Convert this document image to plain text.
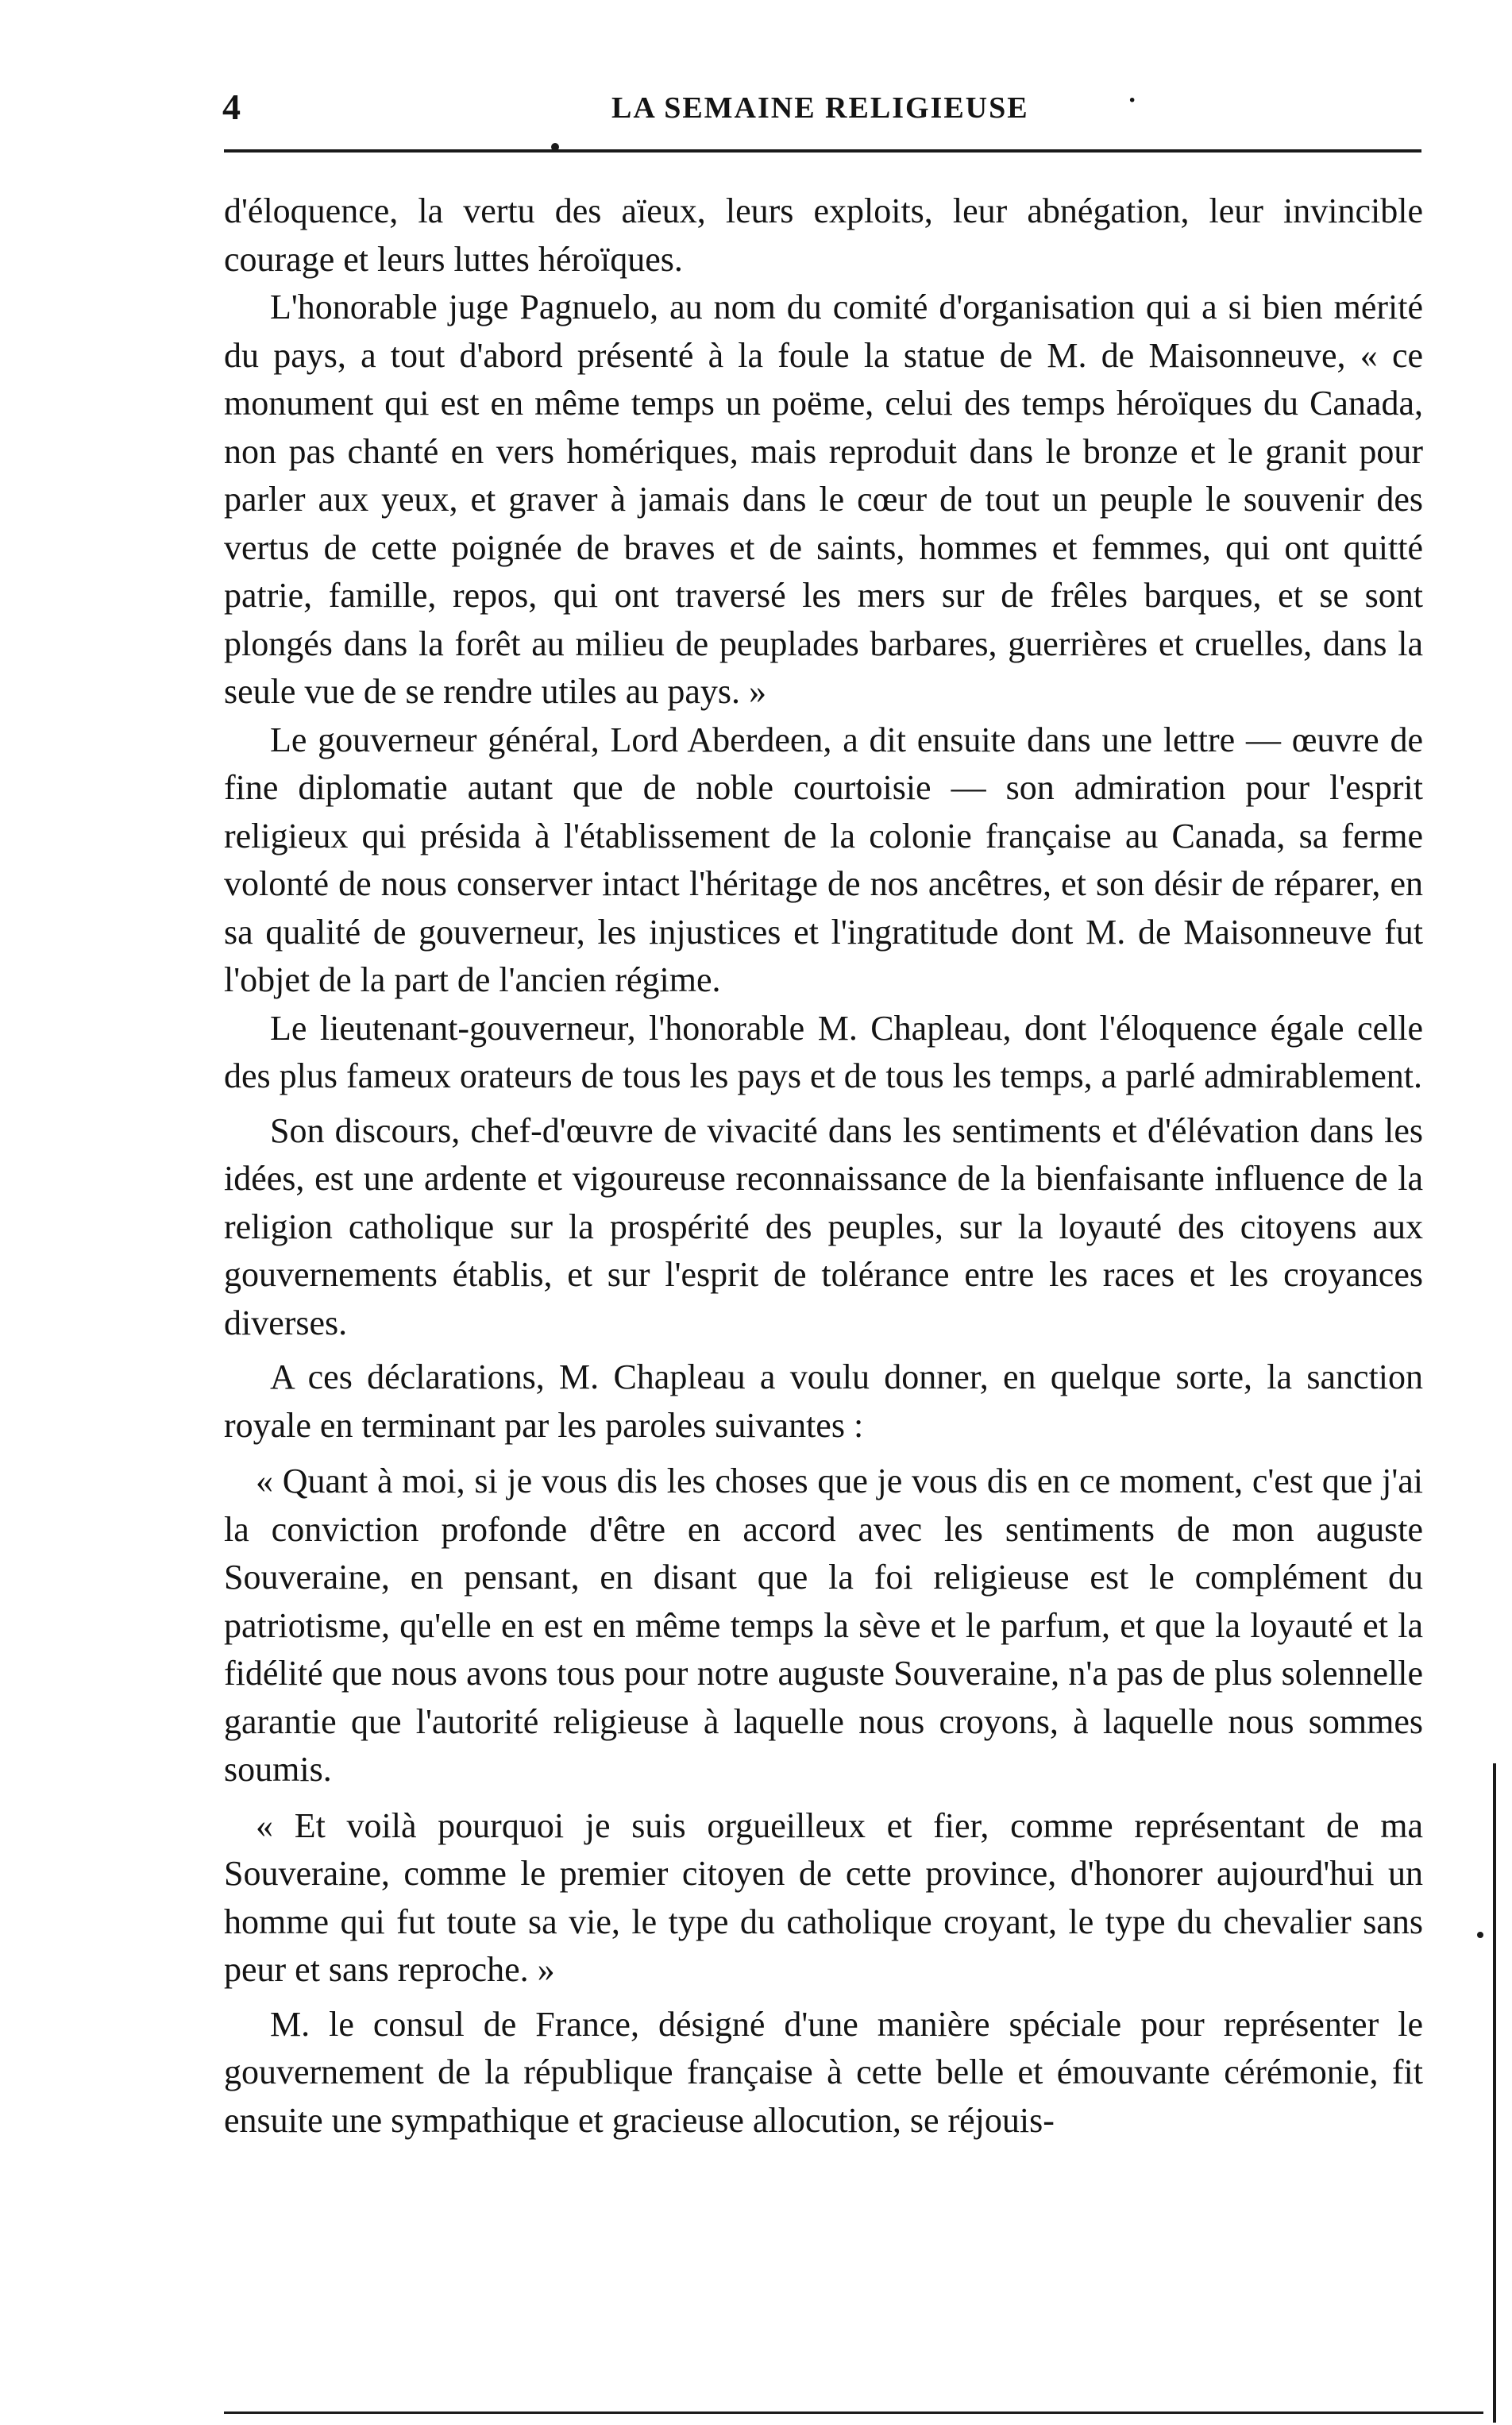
4	LA SEMAINE RELIGIEUSE	·

d'éloquence, la vertu des aïeux, leurs exploits, leur abnégation, leur invincible courage et leurs luttes héroïques.

L'honorable juge Pagnuelo, au nom du comité d'organisation qui a si bien mérité du pays, a tout d'abord présenté à la foule la statue de M. de Maisonneuve, « ce monument qui est en même temps un poëme, celui des temps héroïques du Canada, non pas chanté en vers homériques, mais reproduit dans le bronze et le granit pour parler aux yeux, et graver à jamais dans le cœur de tout un peuple le souvenir des vertus de cette poignée de braves et de saints, hommes et femmes, qui ont quitté patrie, famille, repos, qui ont traversé les mers sur de frêles barques, et se sont plongés dans la forêt au milieu de peuplades barbares, guerrières et cruelles, dans la seule vue de se rendre utiles au pays. »

Le gouverneur général, Lord Aberdeen, a dit ensuite dans une lettre — œuvre de fine diplomatie autant que de noble courtoisie — son admiration pour l'esprit religieux qui présida à l'établissement de la colonie française au Canada, sa ferme volonté de nous conserver intact l'héritage de nos ancêtres, et son désir de réparer, en sa qualité de gouverneur, les injustices et l'ingratitude dont M. de Maisonneuve fut l'objet de la part de l'ancien régime.

Le lieutenant-gouverneur, l'honorable M. Chapleau, dont l'éloquence égale celle des plus fameux orateurs de tous les pays et de tous les temps, a parlé admirablement.

Son discours, chef-d'œuvre de vivacité dans les sentiments et d'élévation dans les idées, est une ardente et vigoureuse reconnaissance de la bienfaisante influence de la religion catholique sur la prospérité des peuples, sur la loyauté des citoyens aux gouvernements établis, et sur l'esprit de tolérance entre les races et les croyances diverses.

A ces déclarations, M. Chapleau a voulu donner, en quelque sorte, la sanction royale en terminant par les paroles suivantes :

« Quant à moi, si je vous dis les choses que je vous dis en ce moment, c'est que j'ai la conviction profonde d'être en accord avec les sentiments de mon auguste Souveraine, en pensant, en disant que la foi religieuse est le complément du patriotisme, qu'elle en est en même temps la sève et le parfum, et que la loyauté et la fidélité que nous avons tous pour notre auguste Souveraine, n'a pas de plus solennelle garantie que l'autorité religieuse à laquelle nous croyons, à laquelle nous sommes soumis.

« Et voilà pourquoi je suis orgueilleux et fier, comme représentant de ma Souveraine, comme le premier citoyen de cette province, d'honorer aujourd'hui un homme qui fut toute sa vie, le type du catholique croyant, le type du chevalier sans peur et sans reproche. »

M. le consul de France, désigné d'une manière spéciale pour représenter le gouvernement de la république française à cette belle et émouvante cérémonie, fit ensuite une sympathique et gracieuse allocution, se réjouis-
